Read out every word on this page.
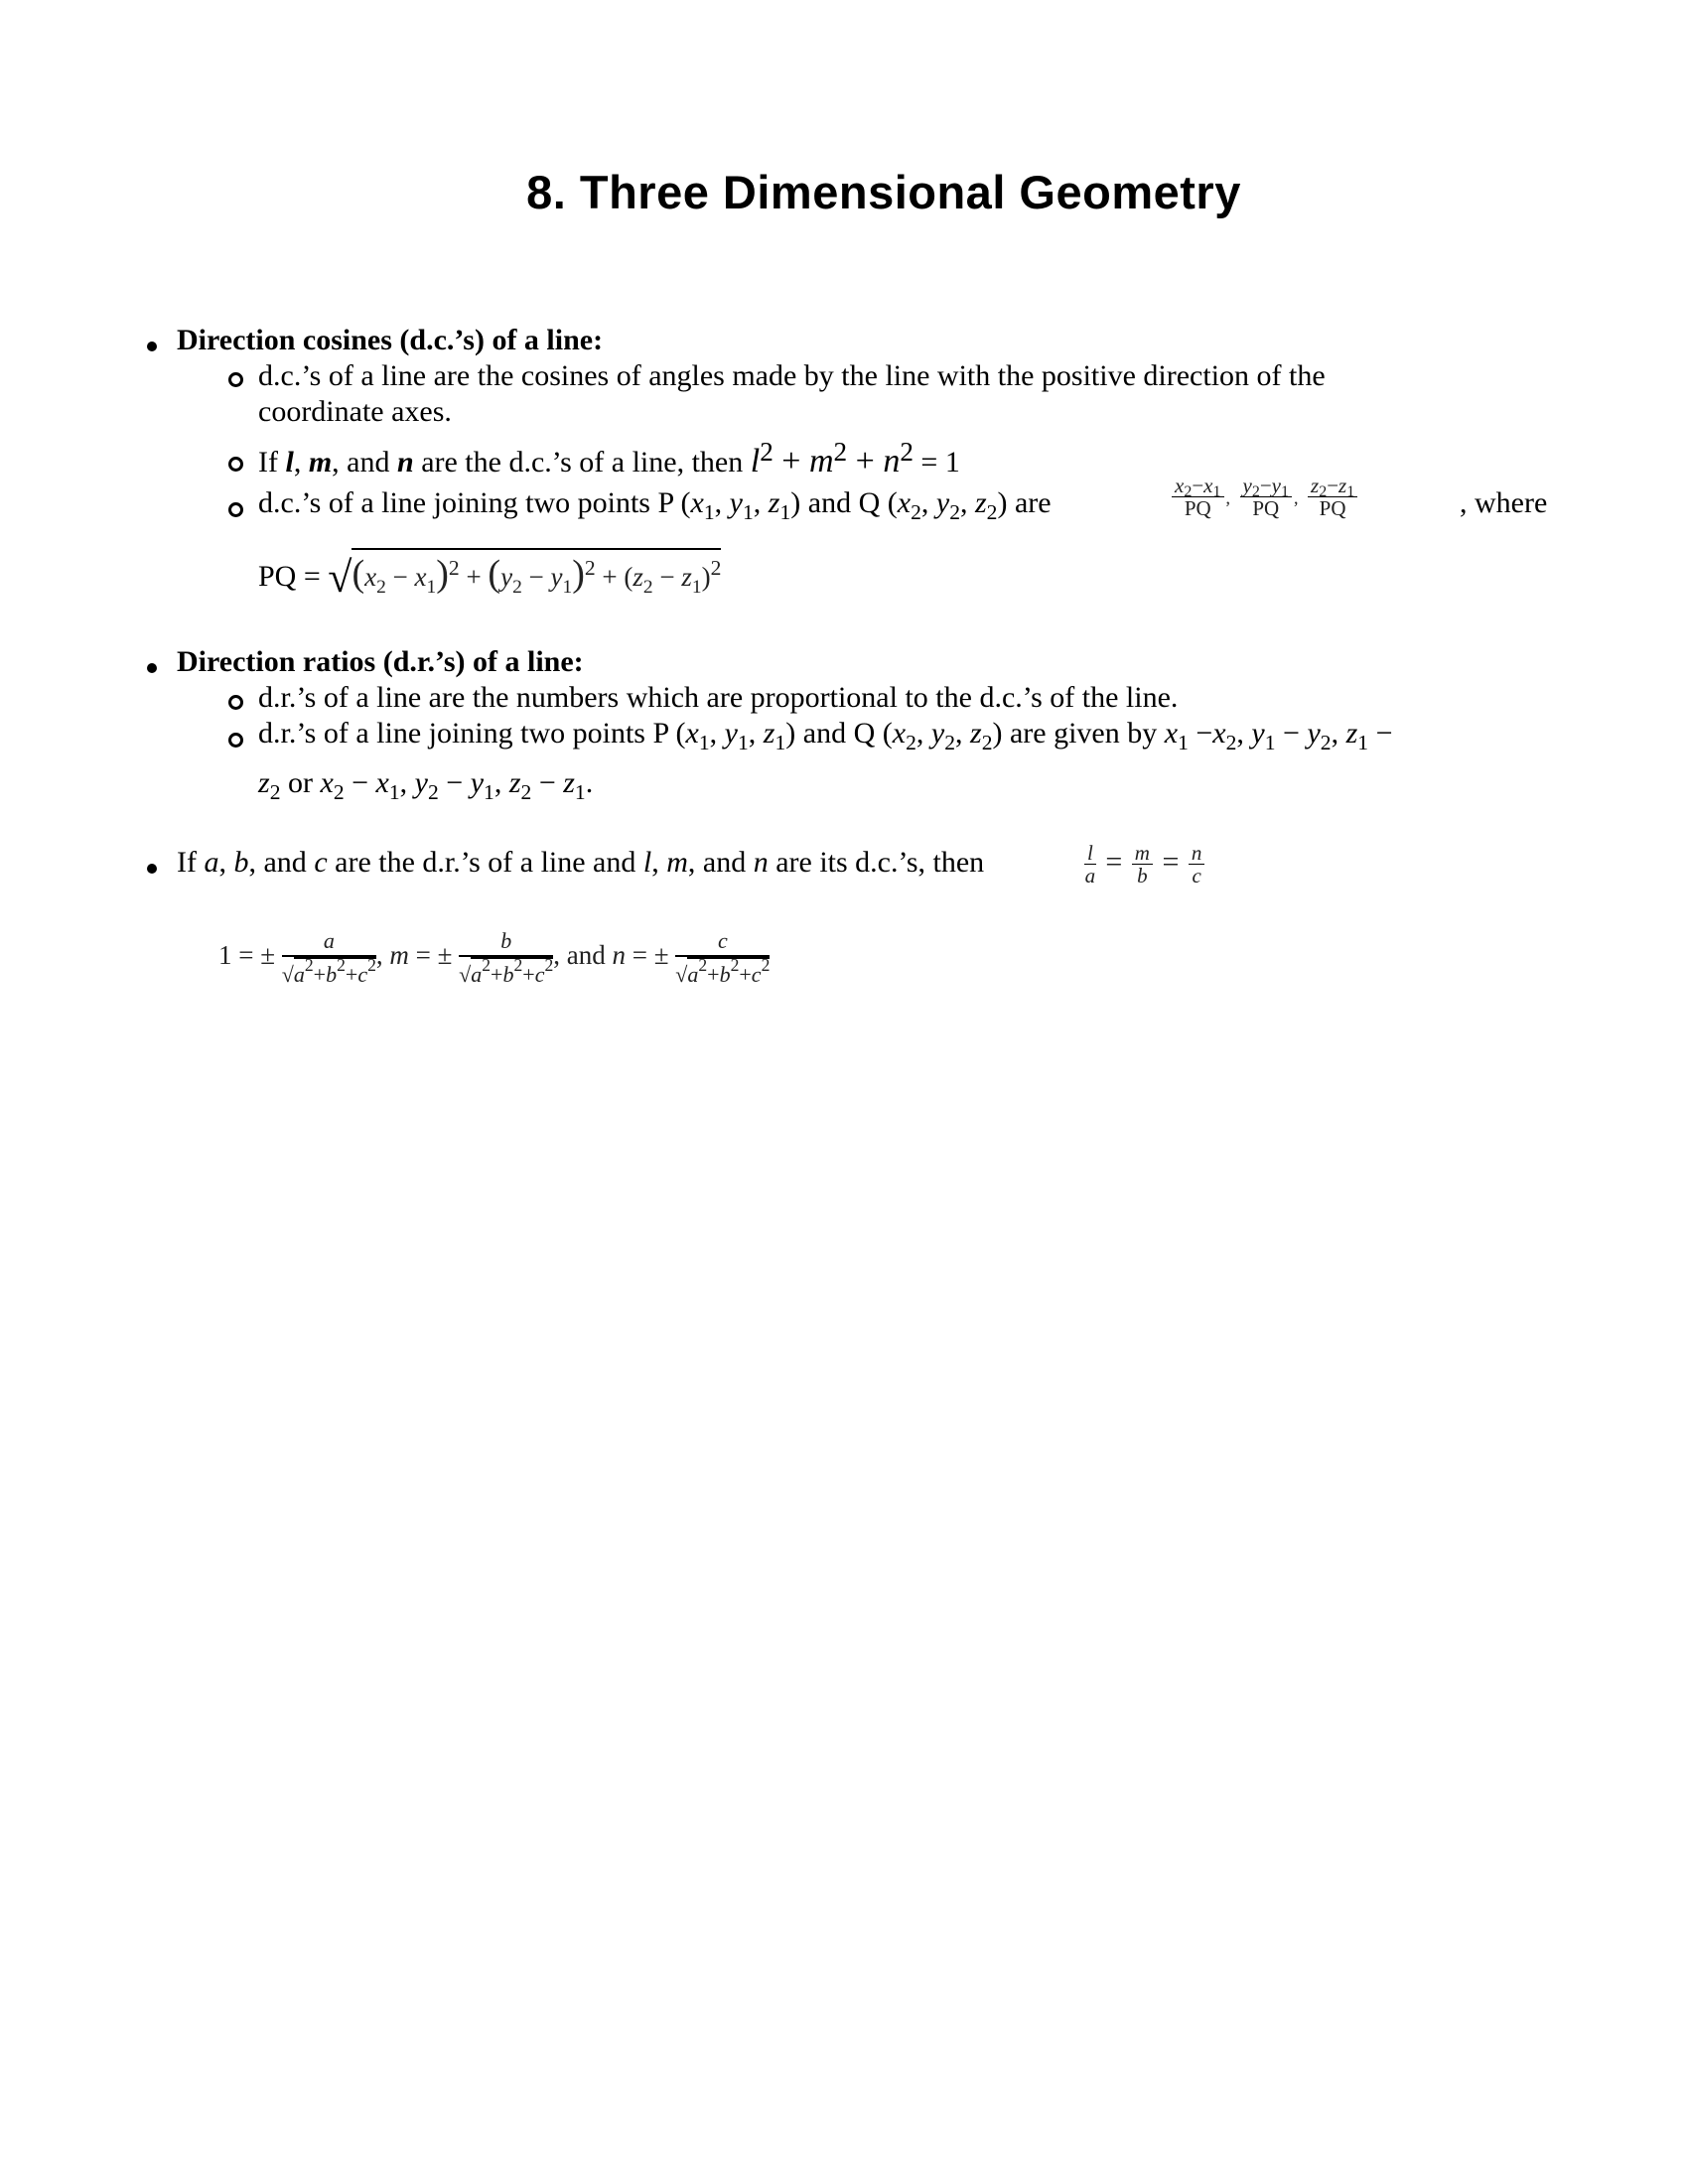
8. Three Dimensional Geometry
Direction cosines (d.c.’s) of a line:
d.c.’s of a line are the cosines of angles made by the line with the positive direction of the
coordinate axes.
If l, m, and n are the d.c.’s of a line, then $l^2 + m^2 + n^2 = 1$
d.c.’s of a line joining two points P ($x_1$, $y_1$, $z_1$) and Q ($x_2$, $y_2$, $z_2$) are	$\frac{x_2-x_1}{PQ}$ , $\frac{y_2-y_1}{PQ}$ , $\frac{z_2-z_1}{PQ}$	, where
PQ = $√(x_2 - x_1)^2 + (y_2 - y_1)^2 + (z_2 - z_1)^2$
Direction ratios (d.r.’s) of a line:
d.r.’s of a line are the numbers which are proportional to the d.c.’s of the line.
d.r.’s of a line joining two points P ($x_1$, $y_1$, $z_1$) and Q ($x_2$, $y_2$, $z_2$) are given by $x_1 -x_2$, $y_1 - y_2$, $z_1$ −
$z_2$ or $x_2 - x_1$, $y_2 - y_1$, $z_2 - z_1$.
If a, b, and c are the d.r.’s of a line and l, m, and n are its d.c.’s, then	$\frac{l}{a} = \frac{m}{b} = \frac{n}{c}$
1 = ± $\frac{a}{√a^2+b^2+c^2}$ , m = ± $\frac{b}{√a^2+b^2+c^2}$ , and n = ± $\frac{c}{√a^2+b^2+c^2}$
